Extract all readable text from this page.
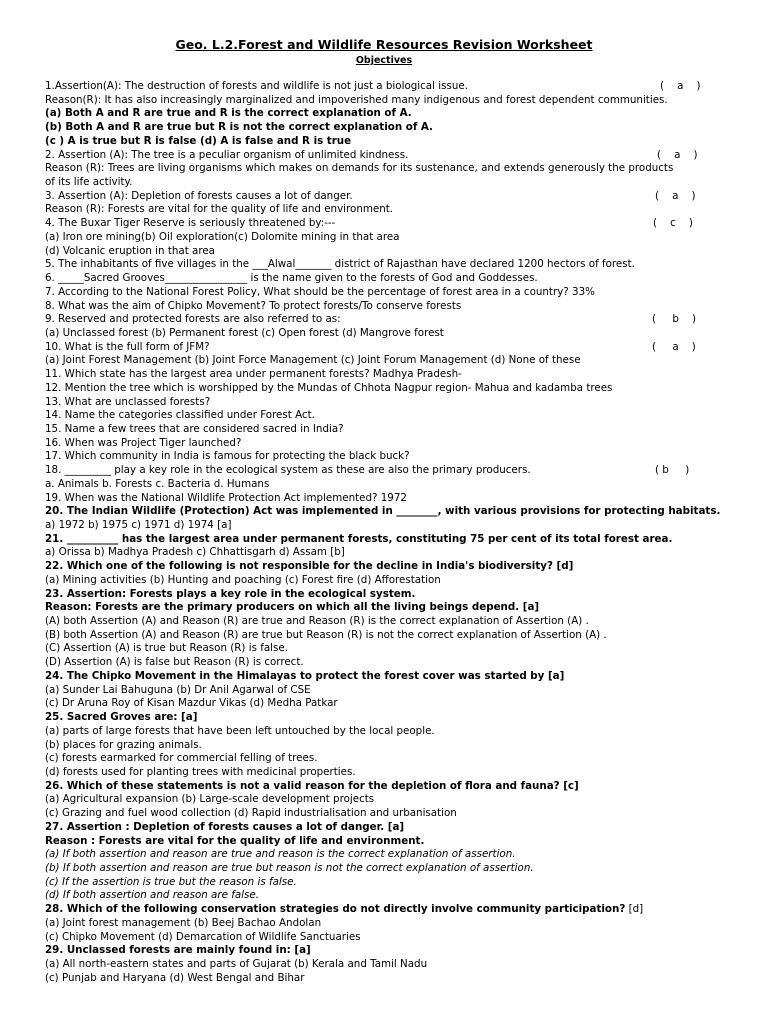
Geo. L.2.Forest and Wildlife Resources Revision Worksheet
Objectives
1.Assertion(A): The destruction of forests and wildlife is not just a biological issue.	(    a    )
Reason(R): It has also increasingly marginalized and impoverished many indigenous and forest dependent communities.
(a) Both A and R are true and R is the correct explanation of A.
(b) Both A and R are true but R is not the correct explanation of A.
(c ) A is true but R is false (d) A is false and R is true
2. Assertion (A): The tree is a peculiar organism of unlimited kindness.	(    a    )
Reason (R): Trees are living organisms which makes on demands for its sustenance, and extends generously the products
of its life activity.
3. Assertion (A): Depletion of forests causes a lot of danger.	(    a    )
Reason (R): Forests are vital for the quality of life and environment.
4. The Buxar Tiger Reserve is seriously threatened by:---	(    c    )
(a) Iron ore mining(b) Oil exploration(c) Dolomite mining in that area
(d) Volcanic eruption in that area
5. The inhabitants of five villages in the ___Alwal_______ district of Rajasthan have declared 1200 hectors of forest.
6. _____Sacred Grooves________________ is the name given to the forests of God and Goddesses.
7. According to the National Forest Policy, What should be the percentage of forest area in a country? 33%
8. What was the aim of Chipko Movement? To protect forests/To conserve forests
9. Reserved and protected forests are also referred to as:	(     b    )
(a) Unclassed forest (b) Permanent forest (c) Open forest (d) Mangrove forest
10. What is the full form of JFM?	(     a    )
(a) Joint Forest Management (b) Joint Force Management (c) Joint Forum Management (d) None of these
11. Which state has the largest area under permanent forests? Madhya Pradesh-
12. Mention the tree which is worshipped by the Mundas of Chhota Nagpur region- Mahua and kadamba trees
13. What are unclassed forests?
14. Name the categories classified under Forest Act.
15. Name a few trees that are considered sacred in India?
16. When was Project Tiger launched?
17. Which community in India is famous for protecting the black buck?
18. _________ play a key role in the ecological system as these are also the primary producers.	( b     )
a. Animals b. Forests c. Bacteria d. Humans
19. When was the National Wildlife Protection Act implemented? 1972
20. The Indian Wildlife (Protection) Act was implemented in ________, with various provisions for protecting habitats.
a) 1972 b) 1975 c) 1971 d) 1974 [a]
21. __________ has the largest area under permanent forests, constituting 75 per cent of its total forest area.
a) Orissa b) Madhya Pradesh c) Chhattisgarh d) Assam [b]
22. Which one of the following is not responsible for the decline in India's biodiversity? [d]
(a) Mining activities (b) Hunting and poaching (c) Forest fire (d) Afforestation
23. Assertion: Forests plays a key role in the ecological system.
Reason: Forests are the primary producers on which all the living beings depend. [a]
(A) both Assertion (A) and Reason (R) are true and Reason (R) is the correct explanation of Assertion (A) .
(B) both Assertion (A) and Reason (R) are true but Reason (R) is not the correct explanation of Assertion (A) .
(C) Assertion (A) is true but Reason (R) is false.
(D) Assertion (A) is false but Reason (R) is correct.
24. The Chipko Movement in the Himalayas to protect the forest cover was started by [a]
(a) Sunder Lai Bahuguna (b) Dr Anil Agarwal of CSE
(c) Dr Aruna Roy of Kisan Mazdur Vikas (d) Medha Patkar
25. Sacred Groves are: [a]
(a) parts of large forests that have been left untouched by the local people.
(b) places for grazing animals.
(c) forests earmarked for commercial felling of trees.
(d) forests used for planting trees with medicinal properties.
26. Which of these statements is not a valid reason for the depletion of flora and fauna? [c]
(a) Agricultural expansion (b) Large-scale development projects
(c) Grazing and fuel wood collection (d) Rapid industrialisation and urbanisation
27. Assertion : Depletion of forests causes a lot of danger. [a]
Reason : Forests are vital for the quality of life and environment.
(a) If both assertion and reason are true and reason is the correct explanation of assertion.
(b) If both assertion and reason are true but reason is not the correct explanation of assertion.
(c) If the assertion is true but the reason is false.
(d) If both assertion and reason are false.
28. Which of the following conservation strategies do not directly involve community participation? [d]
(a) Joint forest management (b) Beej Bachao Andolan
(c) Chipko Movement (d) Demarcation of Wildlife Sanctuaries
29. Unclassed forests are mainly found in: [a]
(a) All north-eastern states and parts of Gujarat (b) Kerala and Tamil Nadu
(c) Punjab and Haryana (d) West Bengal and Bihar
